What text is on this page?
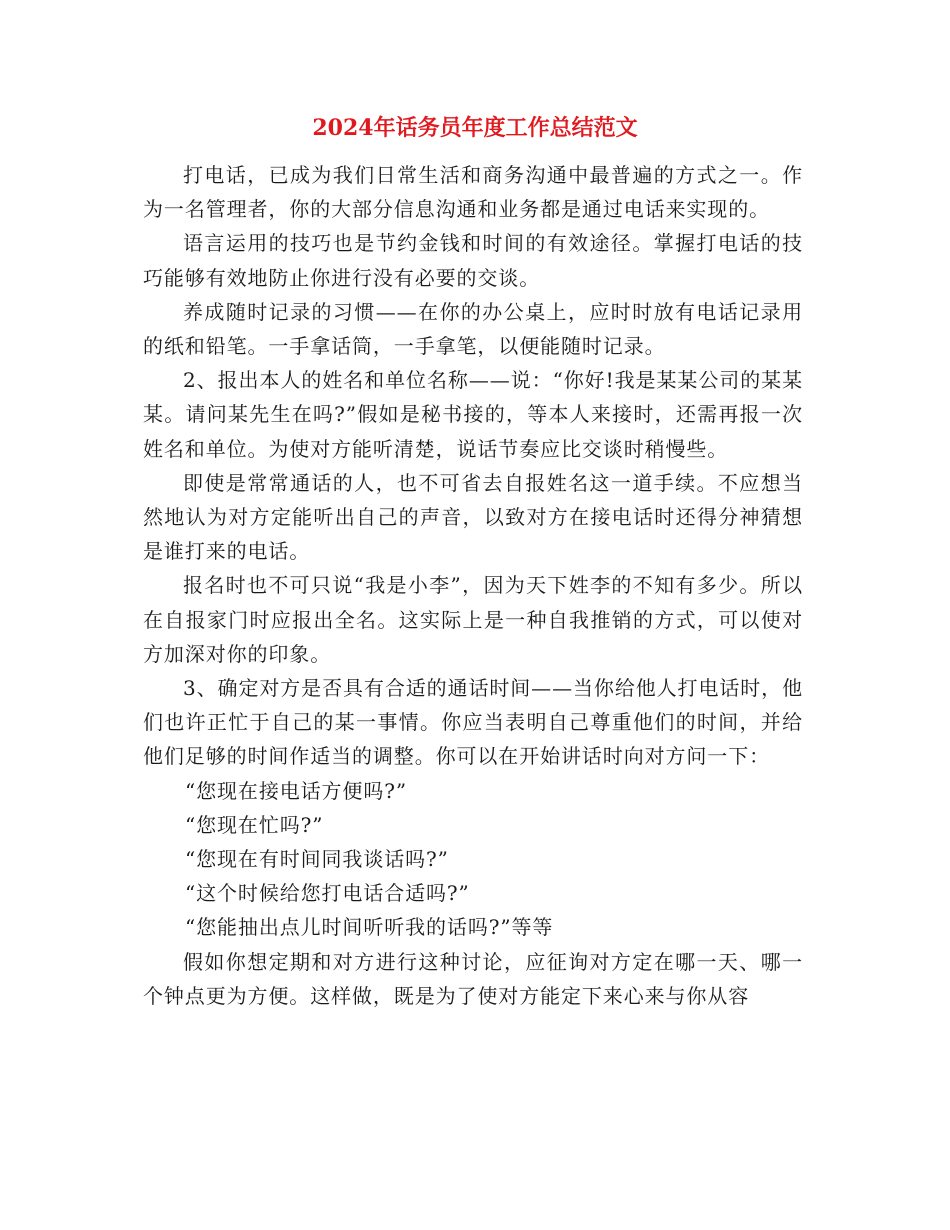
2024年话务员年度工作总结范文

打电话，已成为我们日常生活和商务沟通中最普遍的方式之一。作为一名管理者，你的大部分信息沟通和业务都是通过电话来实现的。

语言运用的技巧也是节约金钱和时间的有效途径。掌握打电话的技巧能够有效地防止你进行没有必要的交谈。

养成随时记录的习惯——在你的办公桌上，应时时放有电话记录用的纸和铅笔。一手拿话筒，一手拿笔，以便能随时记录。

2、报出本人的姓名和单位名称——说：“你好!我是某某公司的某某某。请问某先生在吗?”假如是秘书接的，等本人来接时，还需再报一次姓名和单位。为使对方能听清楚，说话节奏应比交谈时稍慢些。

即使是常常通话的人，也不可省去自报姓名这一道手续。不应想当然地认为对方定能听出自己的声音，以致对方在接电话时还得分神猜想是谁打来的电话。

报名时也不可只说“我是小李”，因为天下姓李的不知有多少。所以在自报家门时应报出全名。这实际上是一种自我推销的方式，可以使对方加深对你的印象。

3、确定对方是否具有合适的通话时间——当你给他人打电话时，他们也许正忙于自己的某一事情。你应当表明自己尊重他们的时间，并给他们足够的时间作适当的调整。你可以在开始讲话时向对方问一下：

“您现在接电话方便吗?”

“您现在忙吗?”

“您现在有时间同我谈话吗?”

“这个时候给您打电话合适吗?”

“您能抽出点儿时间听听我的话吗?”等等

假如你想定期和对方进行这种讨论，应征询对方定在哪一天、哪一个钟点更为方便。这样做，既是为了使对方能定下来心来与你从容
